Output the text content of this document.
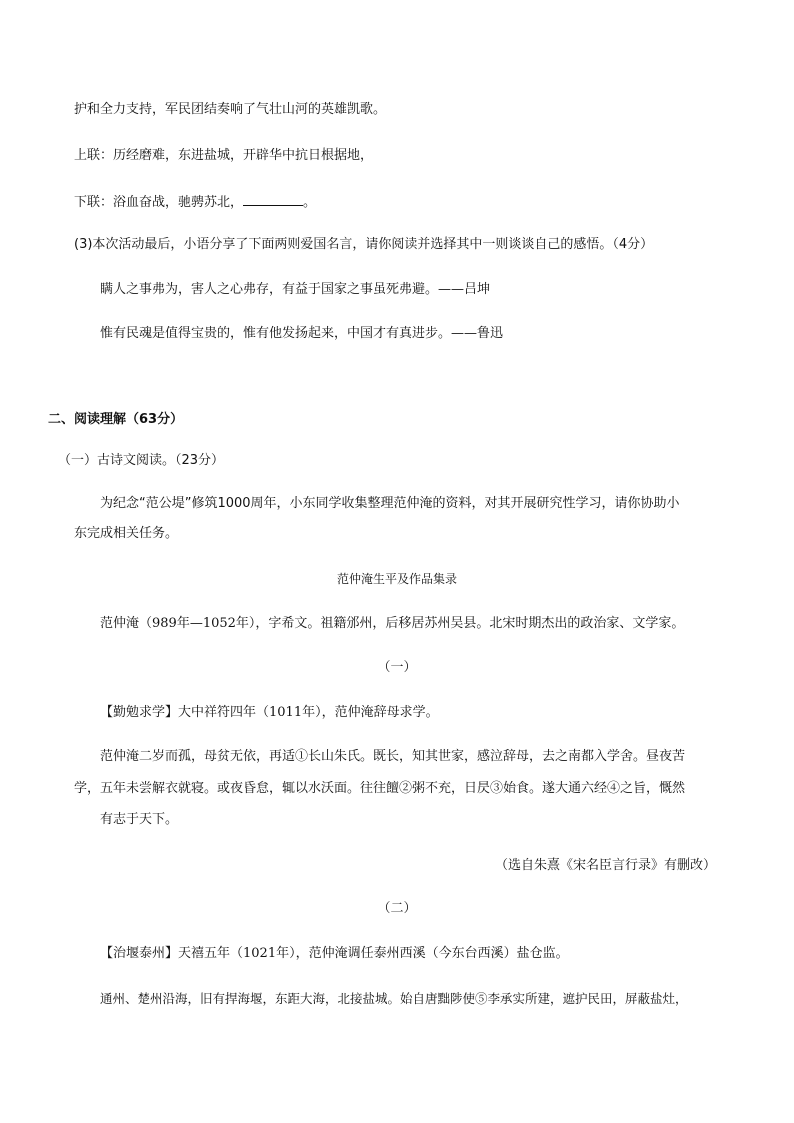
护和全力支持，军民团结奏响了气壮山河的英雄凯歌。
上联：历经磨难，东进盐城，开辟华中抗日根据地，
下联：浴血奋战，驰骋苏北，	。
(3)本次活动最后，小语分享了下面两则爱国名言，请你阅读并选择其中一则谈谈自己的感悟。（4分）
瞒人之事弗为，害人之心弗存，有益于国家之事虽死弗避。——吕坤
惟有民魂是值得宝贵的，惟有他发扬起来，中国才有真进步。——鲁迅
二、阅读理解（63分）
（一）古诗文阅读。（23分）
为纪念“范公堤”修筑1000周年，小东同学收集整理范仲淹的资料，对其开展研究性学习，请你协助小
东完成相关任务。
范仲淹生平及作品集录
范仲淹（989年—1052年），字希文。祖籍邠州，后移居苏州吴县。北宋时期杰出的政治家、文学家。
（一）
【勤勉求学】大中祥符四年（1011年），范仲淹辞母求学。
范仲淹二岁而孤，母贫无依，再适①长山朱氏。既长，知其世家，感泣辞母，去之南都入学舍。昼夜苦
学，五年未尝解衣就寝。或夜昏怠，辄以水沃面。往往饘②粥不充，日昃③始食。遂大通六经④之旨，慨然
有志于天下。
（选自朱熹《宋名臣言行录》有删改）
（二）
【治堰泰州】天禧五年（1021年），范仲淹调任泰州西溪（今东台西溪）盐仓监。
通州、楚州沿海，旧有捍海堰，东距大海，北接盐城。始自唐黜陟使⑤李承实所建，遮护民田，屏蔽盐灶，
